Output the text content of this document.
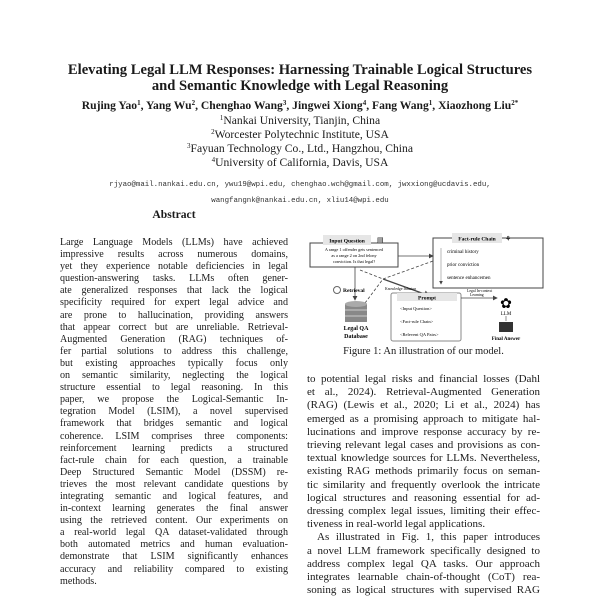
Elevating Legal LLM Responses: Harnessing Trainable Logical Structures
and Semantic Knowledge with Legal Reasoning
Rujing Yao$^1$, Yang Wu$^2$, Chenghao Wang$^3$, Jingwei Xiong$^4$, Fang Wang$^1$, Xiaozhong Liu$^{2*}$
$^1$Nankai University, Tianjin, China
$^2$Worcester Polytechnic Institute, USA
$^3$Fayuan Technology Co., Ltd., Hangzhou, China
$^4$University of California, Davis, USA
rjyao@mail.nankai.edu.cn, ywu19@wpi.edu, chenghao.wch@gmail.com, jwxxiong@ucdavis.edu,
wangfangnk@nankai.edu.cn, xliu14@wpi.edu
Abstract
Large Language Models (LLMs) have achieved
impressive results across numerous domains,
yet they experience notable deficiencies in legal
question-answering tasks. LLMs often gener-
ate generalized responses that lack the logical
specificity required for expert legal advice and
are prone to hallucination, providing answers
that appear correct but are unreliable. Retrieval-
Augmented Generation (RAG) techniques of-
fer partial solutions to address this challenge,
but existing approaches typically focus only
on semantic similarity, neglecting the logical
structure essential to legal reasoning. In this
paper, we propose the Logical-Semantic In-
tegration Model (LSIM), a novel supervised
framework that bridges semantic and logical
coherence. LSIM comprises three components:
reinforcement learning predicts a structured
fact-rule chain for each question, a trainable
Deep Structured Semantic Model (DSSM) re-
trieves the most relevant candidate questions by
integrating semantic and logical features, and
in-context learning generates the final answer
using the retrieved content. Our experiments on
a real-world legal QA dataset-validated through
both automated metrics and human evaluation-
demonstrate that LSIM significantly enhances
accuracy and reliability compared to existing
methods.
Input Question ▤
A range 1 offender gets sentenced
as a range 2 on 2nd felony
conviction. Is that legal?
Fact-rule Chain ⚘
criminal history
prior conviction
sentence enhancemen
Retrieval	Knowledge Infusion
Legal QA
Database
Prompt
<Input Question>
<Fact-rule Chain>
<Relevent QA Pairs>
Legal In-context
Learning
✿
LLM
Final Answer
Figure 1: An illustration of our model.
to potential legal risks and financial losses (Dahl
et al., 2024). Retrieval-Augmented Generation
(RAG) (Lewis et al., 2020; Li et al., 2024) has
emerged as a promising approach to mitigate hal-
lucinations and improve response accuracy by re-
trieving relevant legal cases and provisions as con-
textual knowledge sources for LLMs. Nevertheless,
existing RAG methods primarily focus on seman-
tic similarity and frequently overlook the intricate
logical structures and reasoning essential for ad-
dressing complex legal issues, limiting their effec-
tiveness in real-world legal applications.
As illustrated in Fig. 1, this paper introduces
a novel LLM framework specifically designed to
address complex legal QA tasks. Our approach
integrates learnable chain-of-thought (CoT) rea-
soning as logical structures with supervised RAG
